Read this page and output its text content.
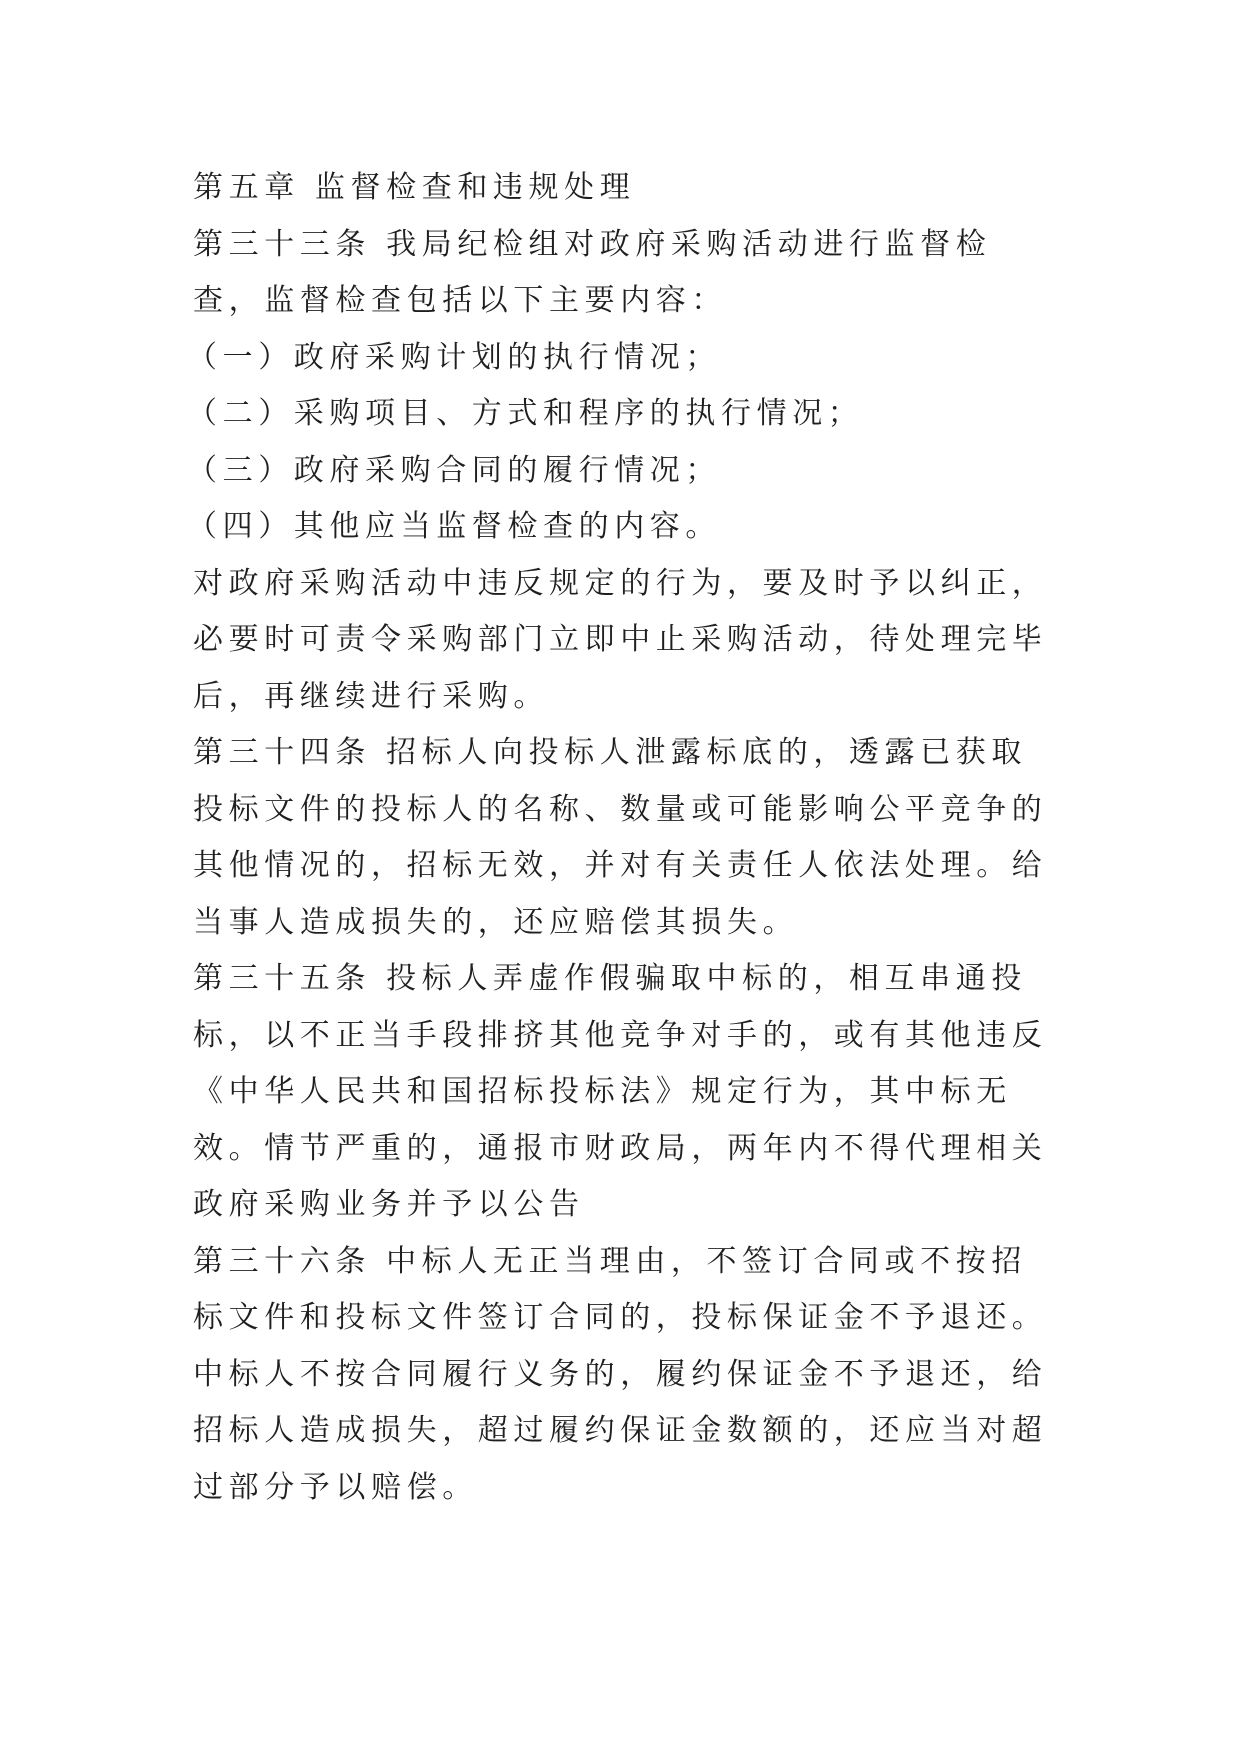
第五章 监督检查和违规处理

第三十三条 我局纪检组对政府采购活动进行监督检查，监督检查包括以下主要内容：

（一）政府采购计划的执行情况；

（二）采购项目、方式和程序的执行情况；

（三）政府采购合同的履行情况；

（四）其他应当监督检查的内容。

对政府采购活动中违反规定的行为，要及时予以纠正，必要时可责令采购部门立即中止采购活动，待处理完毕后，再继续进行采购。

第三十四条 招标人向投标人泄露标底的，透露已获取投标文件的投标人的名称、数量或可能影响公平竞争的其他情况的，招标无效，并对有关责任人依法处理。给当事人造成损失的，还应赔偿其损失。

第三十五条 投标人弄虚作假骗取中标的，相互串通投标，以不正当手段排挤其他竞争对手的，或有其他违反《中华人民共和国招标投标法》规定行为，其中标无效。情节严重的，通报市财政局，两年内不得代理相关政府采购业务并予以公告

第三十六条 中标人无正当理由，不签订合同或不按招标文件和投标文件签订合同的，投标保证金不予退还。

中标人不按合同履行义务的，履约保证金不予退还，给招标人造成损失，超过履约保证金数额的，还应当对超过部分予以赔偿。
